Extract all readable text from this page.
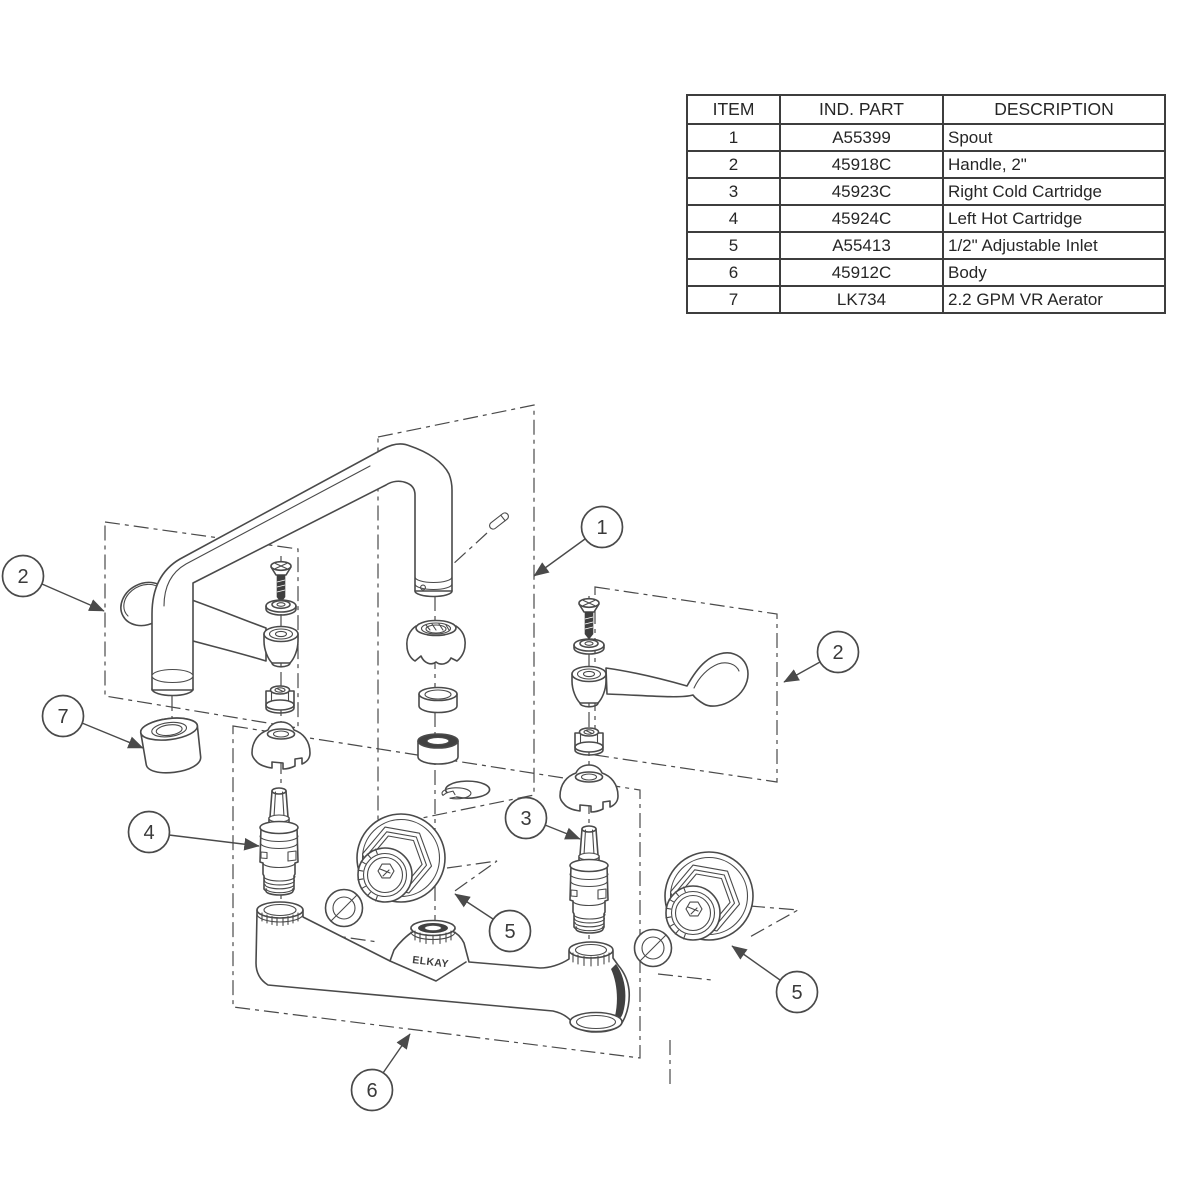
ITEM	IND. PART	DESCRIPTION
1	A55399	Spout
2	45918C	Handle, 2"
3	45923C	Right Cold Cartridge
4	45924C	Left Hot Cartridge
5	A55413	1/2" Adjustable Inlet
6	45912C	Body
7	LK734	2.2 GPM VR Aerator
ELKAY
1
2
2
3
4
5
5
6
7
